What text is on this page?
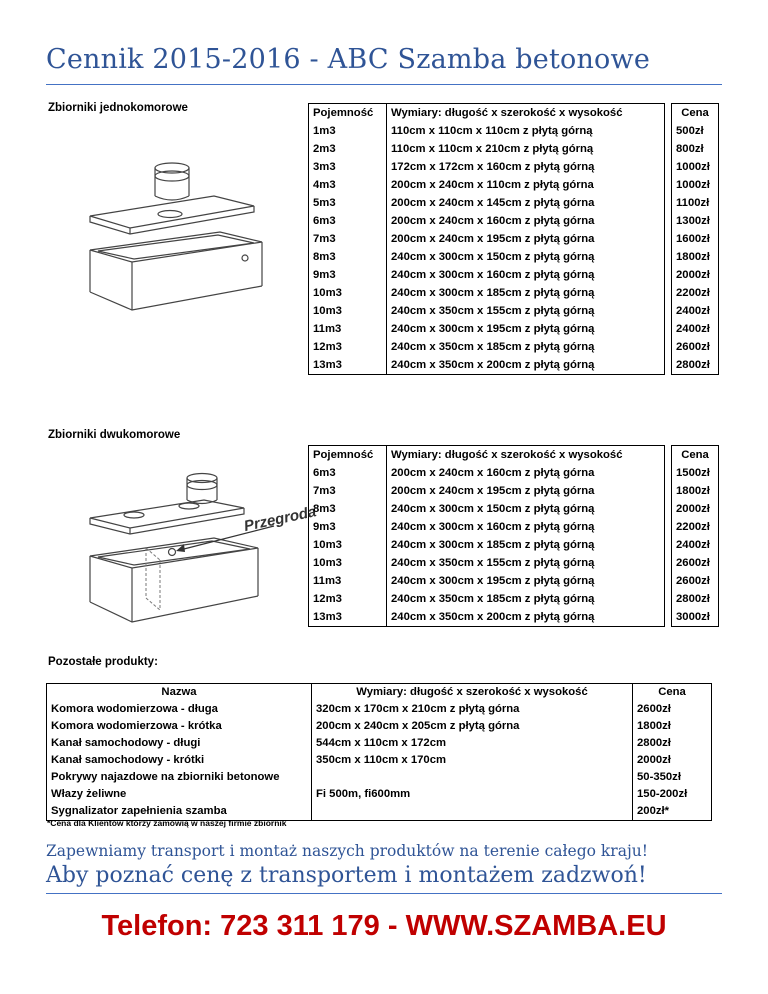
Cennik 2015-2016 - ABC Szamba betonowe
Zbiorniki jednokomorowe	Pojemność	Wymiary: długość x szerokość x wysokość		Cena
1m3	110cm x 110cm x 110cm z płytą górną		500zł
2m3	110cm x 110cm x 210cm z płytą górną		800zł
3m3	172cm x 172cm x 160cm z płytą górną		1000zł
4m3	200cm x 240cm x 110cm z płytą górna		1000zł
5m3	200cm x 240cm x 145cm z płytą górna		1100zł
6m3	200cm x 240cm x 160cm z płytą górna		1300zł
7m3	200cm x 240cm x 195cm z płytą górna		1600zł
8m3	240cm x 300cm x 150cm z płytą górną		1800zł
9m3	240cm x 300cm x 160cm z płytą górną		2000zł
10m3	240cm x 300cm x 185cm z płytą górną		2200zł
10m3	240cm x 350cm x 155cm z płytą górną		2400zł
11m3	240cm x 300cm x 195cm z płytą górną		2400zł
12m3	240cm x 350cm x 185cm z płytą górną		2600zł
13m3	240cm x 350cm x 200cm z płytą górną		2800zł
Zbiorniki dwukomorowe
Przegroda
Pojemność	Wymiary: długość x szerokość x wysokość		Cena
6m3	200cm x 240cm x 160cm z płytą górna		1500zł
7m3	200cm x 240cm x 195cm z płytą górna		1800zł
8m3	240cm x 300cm x 150cm z płytą górną		2000zł
9m3	240cm x 300cm x 160cm z płytą górną		2200zł
10m3	240cm x 300cm x 185cm z płytą górną		2400zł
10m3	240cm x 350cm x 155cm z płytą górną		2600zł
11m3	240cm x 300cm x 195cm z płytą górną		2600zł
12m3	240cm x 350cm x 185cm z płytą górną		2800zł
13m3	240cm x 350cm x 200cm z płytą górną		3000zł
Pozostałe produkty:
Nazwa	Wymiary: długość x szerokość x wysokość	Cena
Komora wodomierzowa - długa	320cm x 170cm x 210cm z płytą górna	2600zł
Komora wodomierzowa - krótka	200cm x 240cm x 205cm z płytą górna	1800zł
Kanał samochodowy - długi	544cm x 110cm x 172cm	2800zł
Kanał samochodowy - krótki	350cm x 110cm x 170cm	2000zł
Pokrywy najazdowe na zbiorniki betonowe		50-350zł
Włazy żeliwne	Fi 500m, fi600mm	150-200zł
Sygnalizator zapełnienia szamba		200zł*
*Cena dla Klientów którzy zamówią w naszej firmie zbiornik
Zapewniamy transport i montaż naszych produktów na terenie całego kraju!
Aby poznać cenę z transportem i montażem zadzwoń!
Telefon: 723 311 179 - WWW.SZAMBA.EU
